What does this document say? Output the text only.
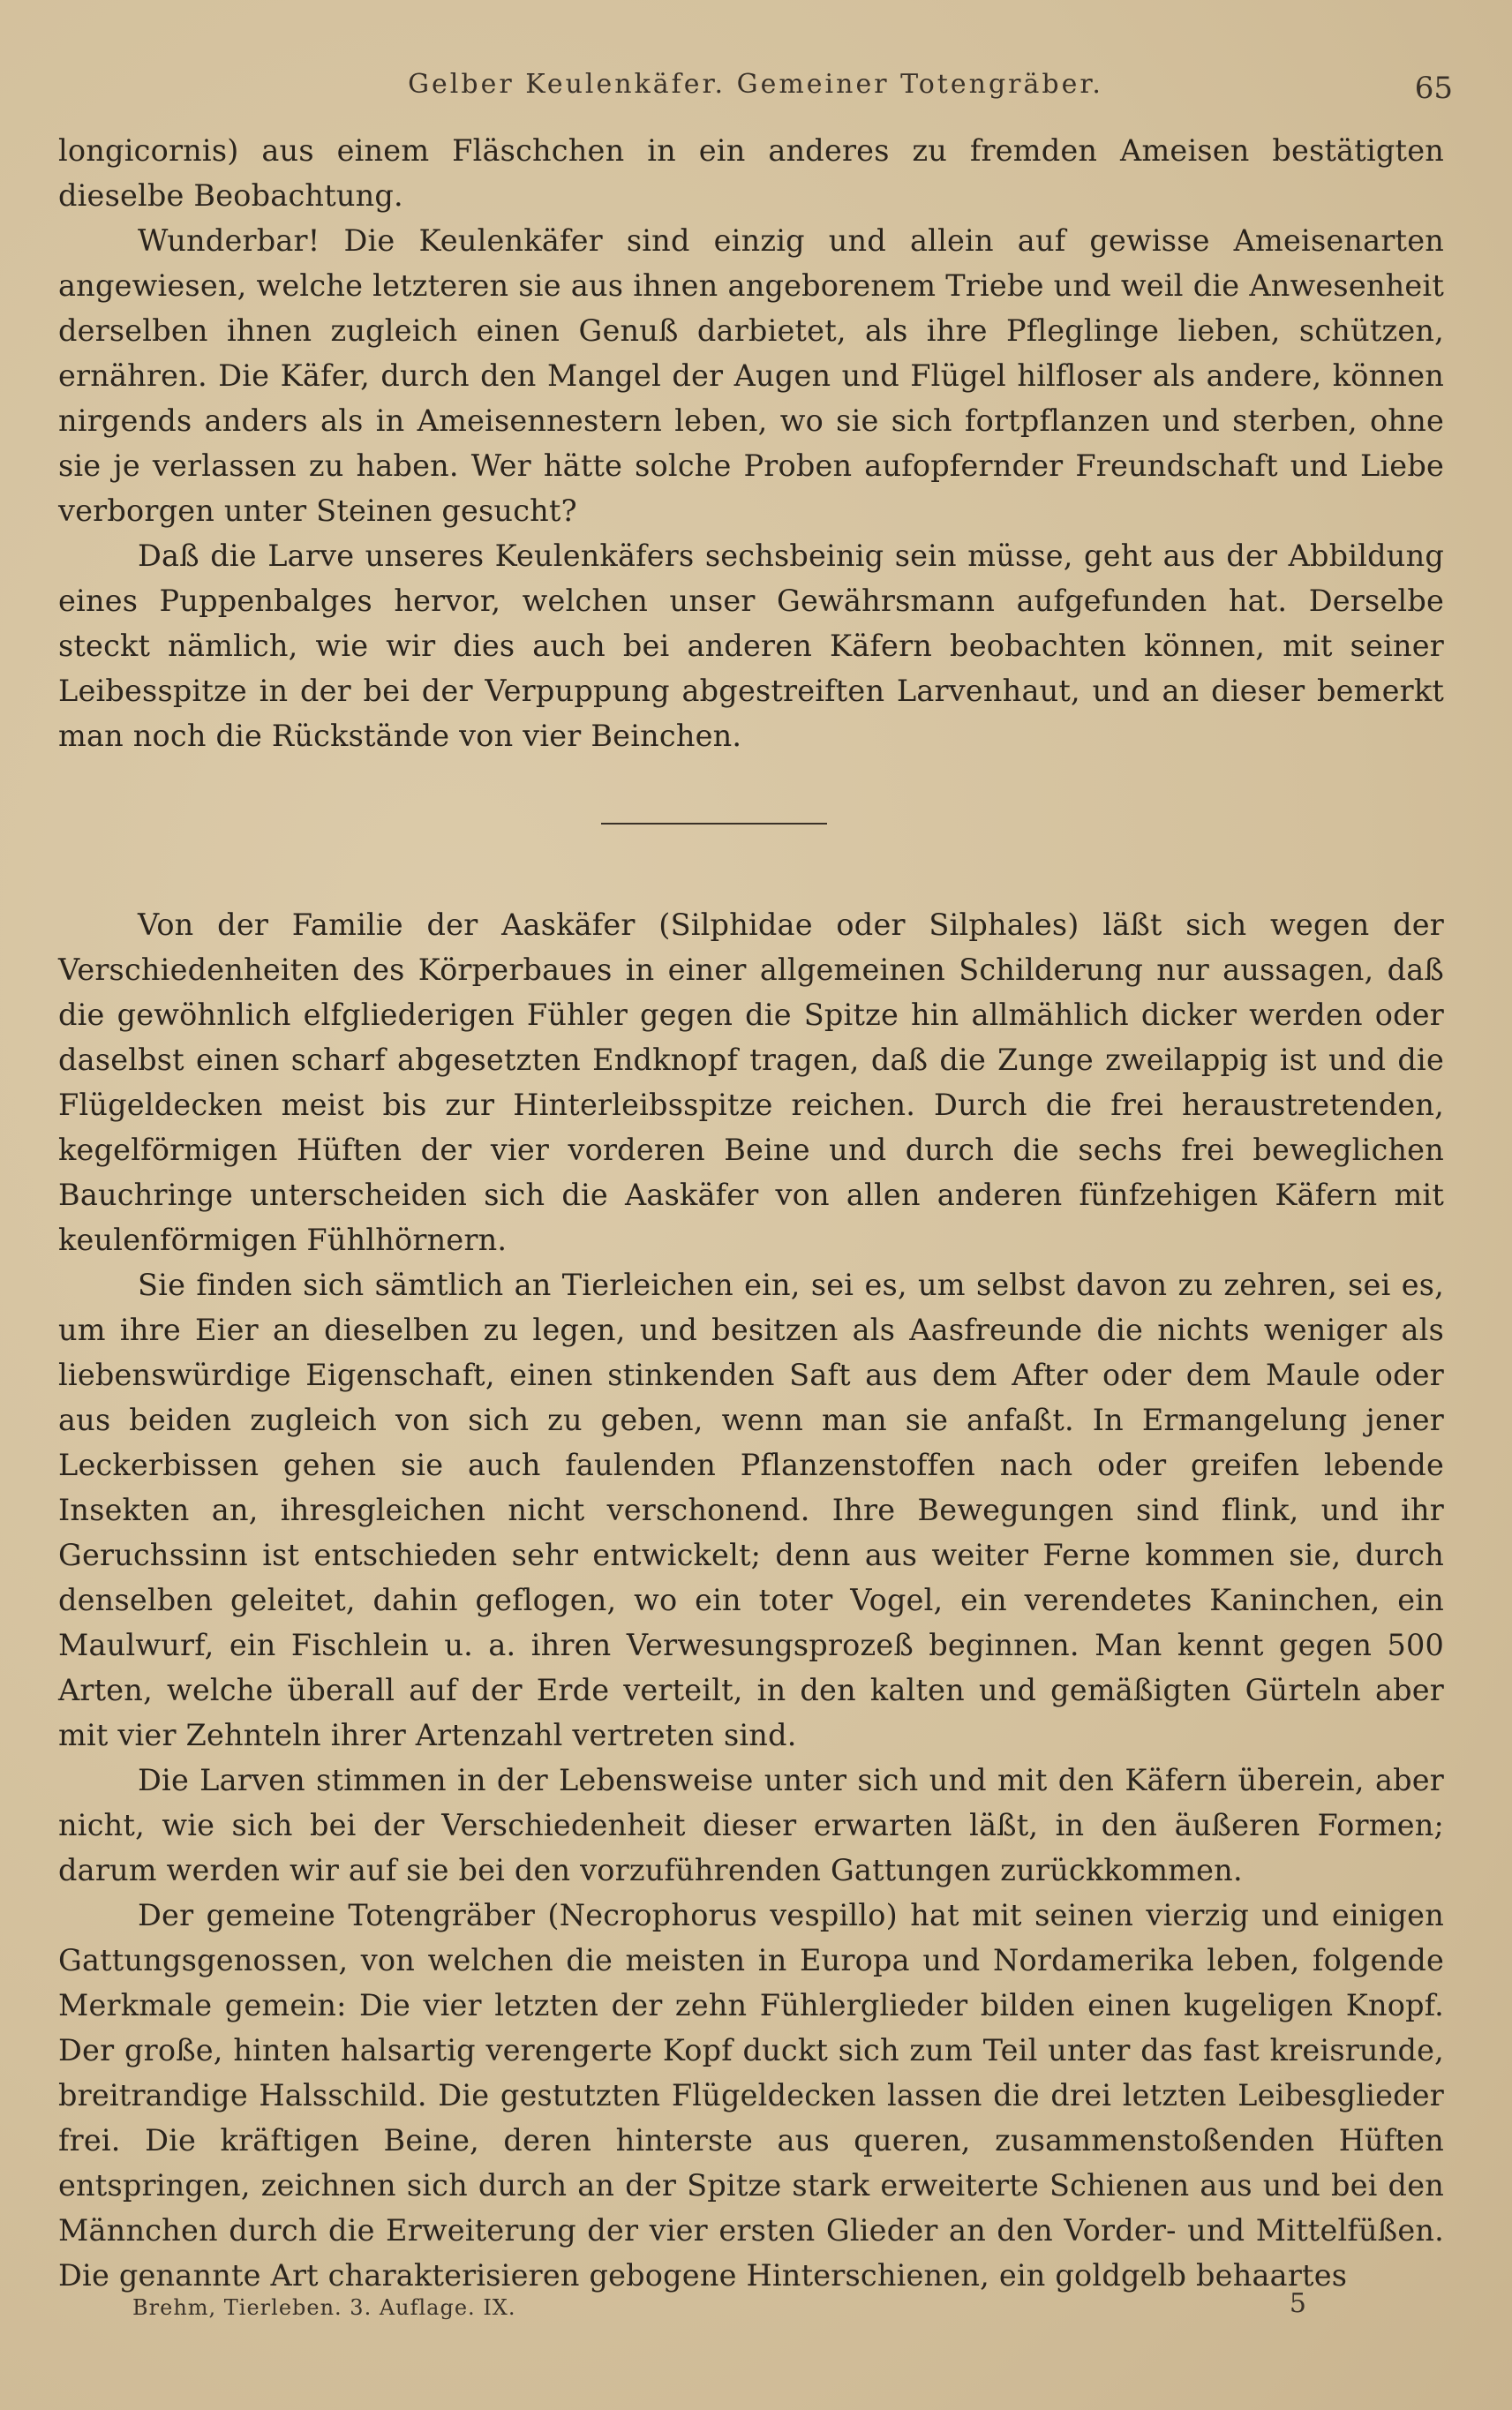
Gelber Keulenkäfer. Gemeiner Totengräber.	65

longicornis) aus einem Fläschchen in ein anderes zu fremden Ameisen bestätigten dieselbe Beobachtung.

Wunderbar! Die Keulenkäfer sind einzig und allein auf gewisse Ameisenarten angewiesen, welche letzteren sie aus ihnen angeborenem Triebe und weil die Anwesenheit derselben ihnen zugleich einen Genuß darbietet, als ihre Pfleglinge lieben, schützen, ernähren. Die Käfer, durch den Mangel der Augen und Flügel hilfloser als andere, können nirgends anders als in Ameisennestern leben, wo sie sich fortpflanzen und sterben, ohne sie je verlassen zu haben. Wer hätte solche Proben aufopfernder Freundschaft und Liebe verborgen unter Steinen gesucht?

Daß die Larve unseres Keulenkäfers sechsbeinig sein müsse, geht aus der Abbildung eines Puppenbalges hervor, welchen unser Gewährsmann aufgefunden hat. Derselbe steckt nämlich, wie wir dies auch bei anderen Käfern beobachten können, mit seiner Leibesspitze in der bei der Verpuppung abgestreiften Larvenhaut, und an dieser bemerkt man noch die Rückstände von vier Beinchen.

Von der Familie der Aaskäfer (Silphidae oder Silphales) läßt sich wegen der Verschiedenheiten des Körperbaues in einer allgemeinen Schilderung nur aussagen, daß die gewöhnlich elfgliederigen Fühler gegen die Spitze hin allmählich dicker werden oder daselbst einen scharf abgesetzten Endknopf tragen, daß die Zunge zweilappig ist und die Flügeldecken meist bis zur Hinterleibsspitze reichen. Durch die frei heraustretenden, kegelförmigen Hüften der vier vorderen Beine und durch die sechs frei beweglichen Bauchringe unterscheiden sich die Aaskäfer von allen anderen fünfzehigen Käfern mit keulenförmigen Fühlhörnern.

Sie finden sich sämtlich an Tierleichen ein, sei es, um selbst davon zu zehren, sei es, um ihre Eier an dieselben zu legen, und besitzen als Aasfreunde die nichts weniger als liebenswürdige Eigenschaft, einen stinkenden Saft aus dem After oder dem Maule oder aus beiden zugleich von sich zu geben, wenn man sie anfaßt. In Ermangelung jener Leckerbissen gehen sie auch faulenden Pflanzenstoffen nach oder greifen lebende Insekten an, ihresgleichen nicht verschonend. Ihre Bewegungen sind flink, und ihr Geruchssinn ist entschieden sehr entwickelt; denn aus weiter Ferne kommen sie, durch denselben geleitet, dahin geflogen, wo ein toter Vogel, ein verendetes Kaninchen, ein Maulwurf, ein Fischlein u. a. ihren Verwesungsprozeß beginnen. Man kennt gegen 500 Arten, welche überall auf der Erde verteilt, in den kalten und gemäßigten Gürteln aber mit vier Zehnteln ihrer Artenzahl vertreten sind.

Die Larven stimmen in der Lebensweise unter sich und mit den Käfern überein, aber nicht, wie sich bei der Verschiedenheit dieser erwarten läßt, in den äußeren Formen; darum werden wir auf sie bei den vorzuführenden Gattungen zurückkommen.

Der gemeine Totengräber (Necrophorus vespillo) hat mit seinen vierzig und einigen Gattungsgenossen, von welchen die meisten in Europa und Nordamerika leben, folgende Merkmale gemein: Die vier letzten der zehn Fühlerglieder bilden einen kugeligen Knopf. Der große, hinten halsartig verengerte Kopf duckt sich zum Teil unter das fast kreisrunde, breitrandige Halsschild. Die gestutzten Flügeldecken lassen die drei letzten Leibesglieder frei. Die kräftigen Beine, deren hinterste aus queren, zusammenstoßenden Hüften entspringen, zeichnen sich durch an der Spitze stark erweiterte Schienen aus und bei den Männchen durch die Erweiterung der vier ersten Glieder an den Vorder- und Mittelfüßen. Die genannte Art charakterisieren gebogene Hinterschienen, ein goldgelb behaartes

Brehm, Tierleben. 3. Auflage. IX.	5
